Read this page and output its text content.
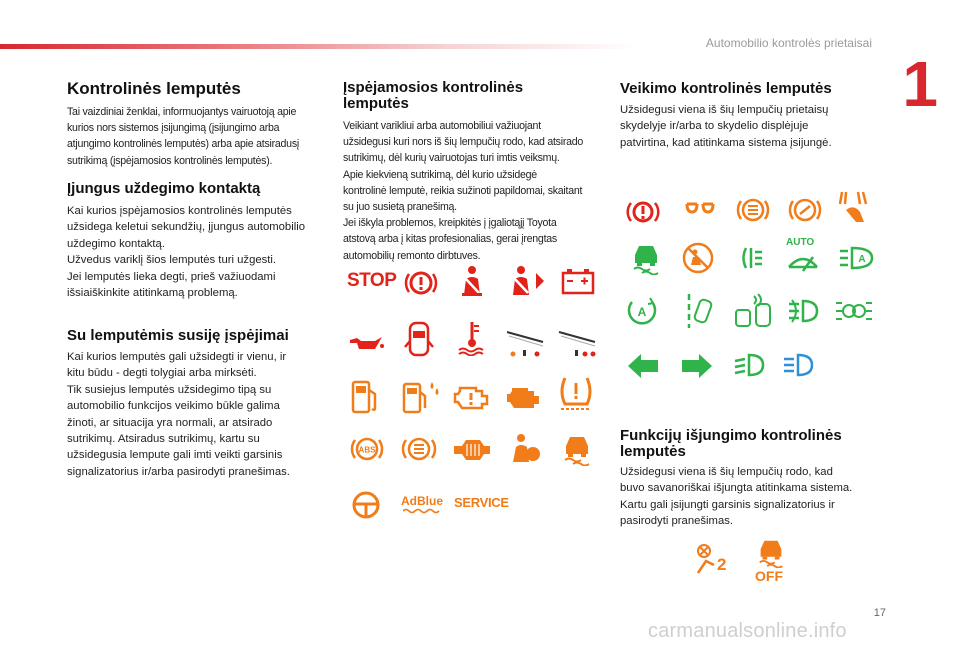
Automobilio kontrolės prietaisai
1
Kontrolinės lemputės

Tai vaizdiniai ženklai, informuojantys vairuotoją apie
kurios nors sistemos įsijungimą (įsijungimo arba
atjungimo kontrolinės lemputės) arba apie atsiradusį
sutrikimą (įspėjamosios kontrolinės lemputės).

Įjungus uždegimo kontaktą

Kai kurios įspėjamosios kontrolinės lemputės
užsidega keletui sekundžių, įjungus automobilio
uždegimo kontaktą.
Užvedus variklį šios lemputės turi užgesti.
Jei lemputės lieka degti, prieš važiuodami
išsiaiškinkite atitinkamą problemą.

Su lemputėmis susiję įspėjimai

Kai kurios lemputės gali užsidegti ir vienu, ir
kitu būdu - degti tolygiai arba mirksėti.
Tik susiejus lemputės užsidegimo tipą su
automobilio funkcijos veikimo būkle galima
žinoti, ar situacija yra normali, ar atsirado
sutrikimų. Atsiradus sutrikimų, kartu su
užsidegusia lempute gali imti veikti garsinis
signalizatorius ir/arba pasirodyti pranešimas.

Įspėjamosios kontrolinės
lemputės

Veikiant varikliui arba automobiliui važiuojant
užsidegusi kuri nors iš šių lempučių rodo, kad atsirado
sutrikimų, dėl kurių vairuotojas turi imtis veiksmų.
Apie kiekvieną sutrikimą, dėl kurio užsidegė
kontrolinė lemputė, reikia sužinoti papildomai, skaitant
su juo susietą pranešimą.
Jei iškyla problemos, kreipkitės į įgaliotąjį Toyota
atstovą arba į kitas profesionalias, gerai įrengtas
automobilių remonto dirbtuves.

STOP
ABS
AdBlue SERVICE
Veikimo kontrolinės lemputės

Užsidegusi viena iš šių lempučių prietaisų
skydelyje ir/arba to skydelio displėjuje
patvirtina, kad atitinkama sistema įsijungė.

AUTO
A
A
Funkcijų išjungimo kontrolinės
lemputės

Užsidegusi viena iš šių lempučių rodo, kad
buvo savanoriškai išjungta atitinkama sistema.
Kartu gali įsijungti garsinis signalizatorius ir
pasirodyti pranešimas.

2
OFF
17
carmanualsonline.info
